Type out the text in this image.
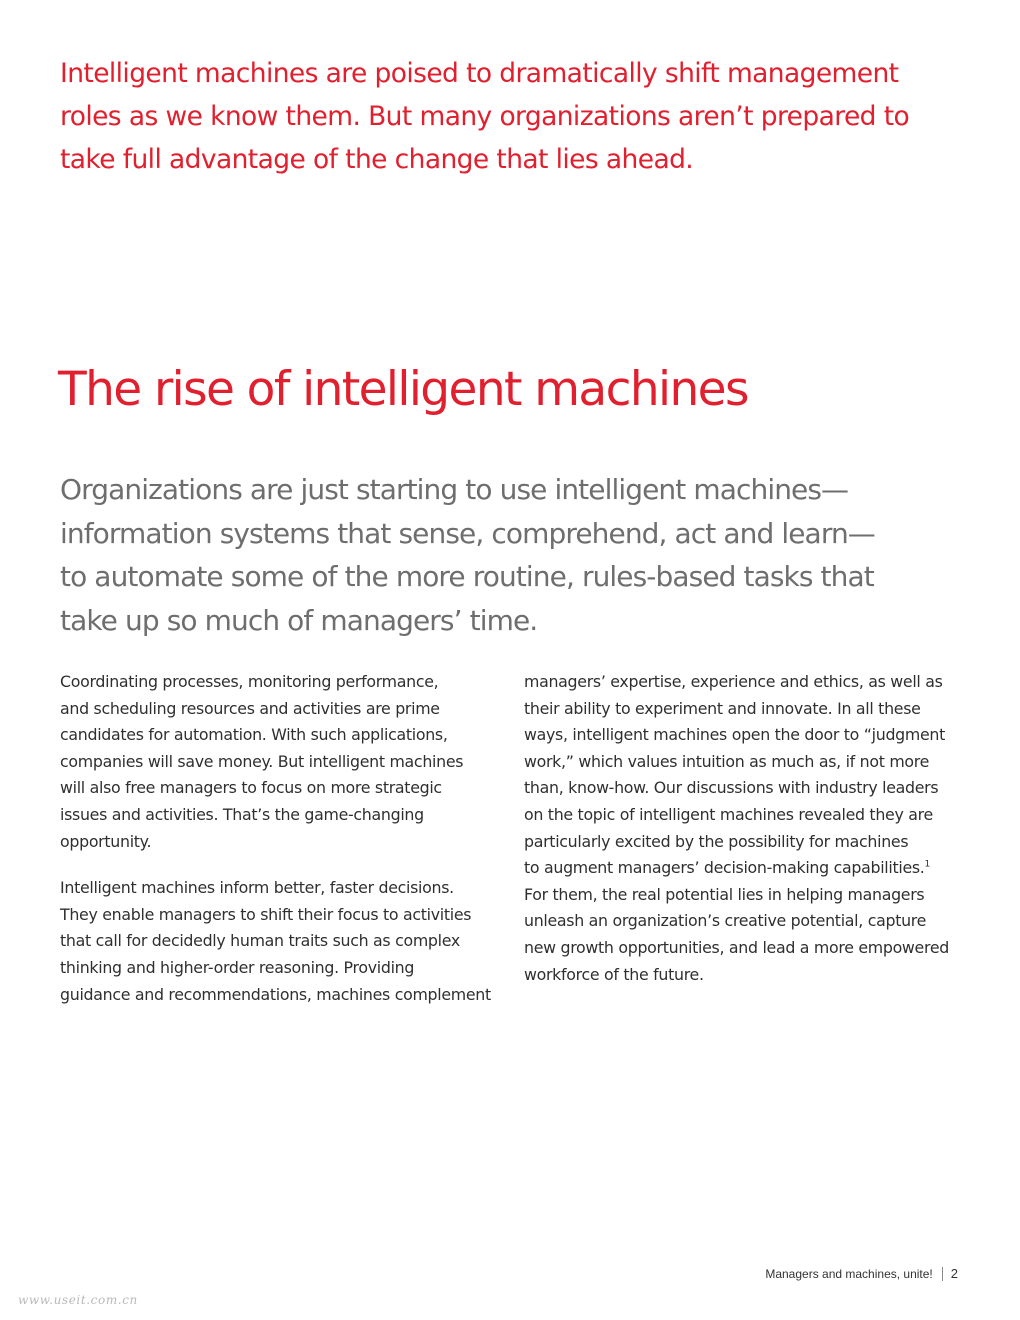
Intelligent machines are poised to dramatically shift management
roles as we know them. But many organizations aren’t prepared to
take full advantage of the change that lies ahead.

The rise of intelligent machines

Organizations are just starting to use intelligent machines—
information systems that sense, comprehend, act and learn—
to automate some of the more routine, rules-based tasks that
take up so much of managers’ time.

Coordinating processes, monitoring performance,
and scheduling resources and activities are prime
candidates for automation. With such applications,
companies will save money. But intelligent machines
will also free managers to focus on more strategic
issues and activities. That’s the game-changing
opportunity.

Intelligent machines inform better, faster decisions.
They enable managers to shift their focus to activities
that call for decidedly human traits such as complex
thinking and higher-order reasoning. Providing
guidance and recommendations, machines complement

managers’ expertise, experience and ethics, as well as
their ability to experiment and innovate. In all these
ways, intelligent machines open the door to “judgment
work,” which values intuition as much as, if not more
than, know-how. Our discussions with industry leaders
on the topic of intelligent machines revealed they are
particularly excited by the possibility for machines
to augment managers’ decision-making capabilities.$^1$
For them, the real potential lies in helping managers
unleash an organization’s creative potential, capture
new growth opportunities, and lead a more empowered
workforce of the future.

Managers and machines, unite! 2
www.useit.com.cn
